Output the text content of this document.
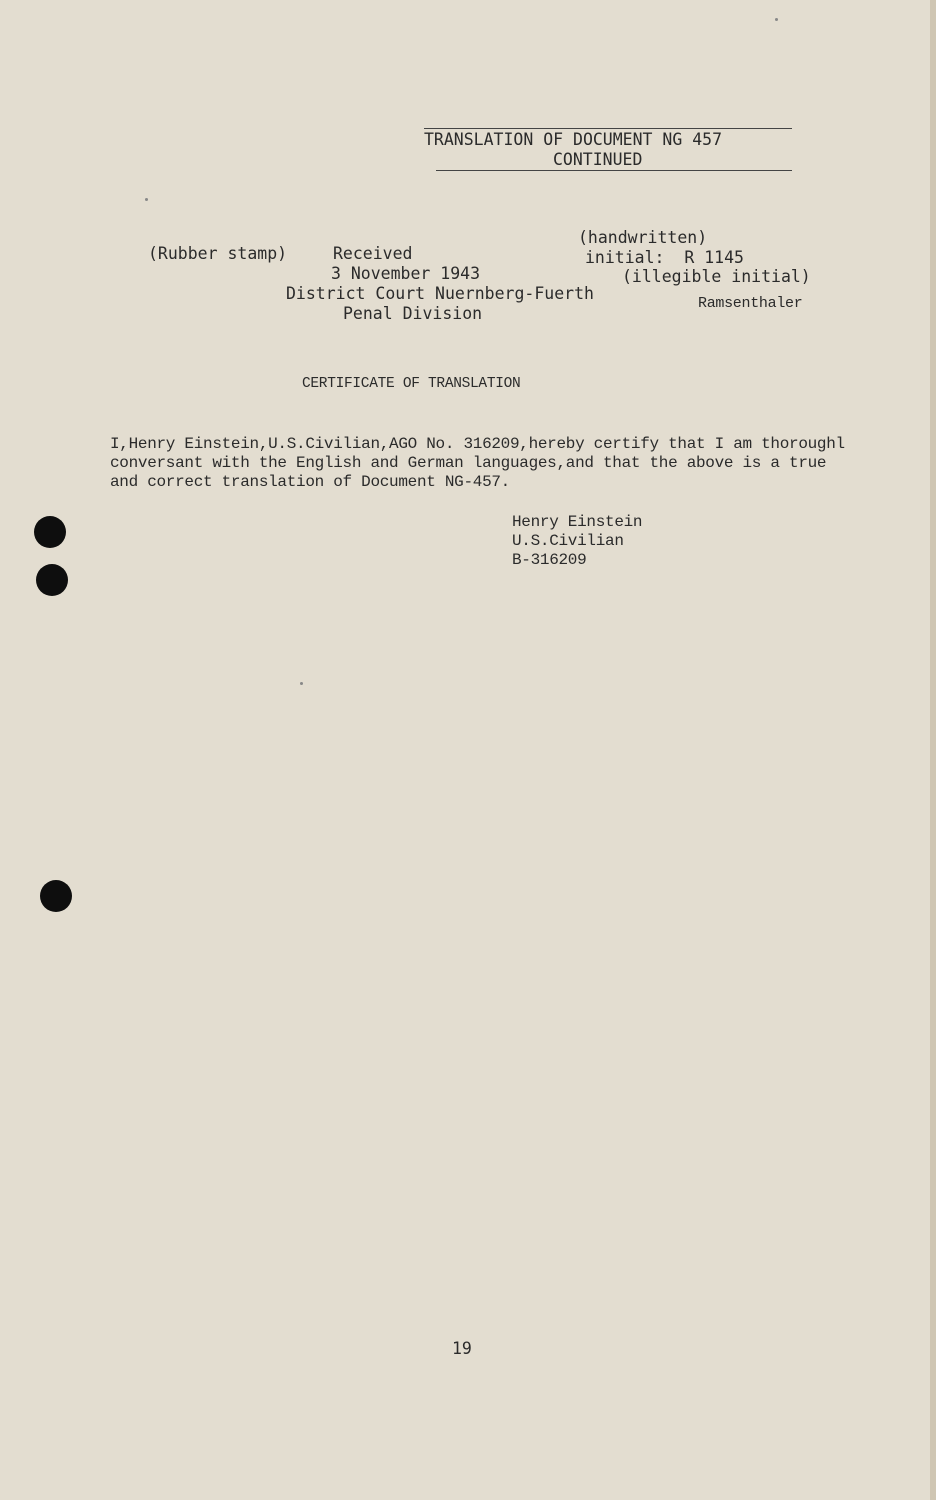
TRANSLATION OF DOCUMENT NG 457
CONTINUED
(Rubber stamp)	Received
3 November 1943
District Court Nuernberg-Fuerth
Penal Division
(handwritten)
initial:  R 1145
(illegible initial)
Ramsenthaler
CERTIFICATE OF TRANSLATION
I,Henry Einstein,U.S.Civilian,AGO No. 316209,hereby certify that I am thoroughl
conversant with the English and German languages,and that the above is a true
and correct translation of Document NG-457.
Henry Einstein
U.S.Civilian
B-316209
19
